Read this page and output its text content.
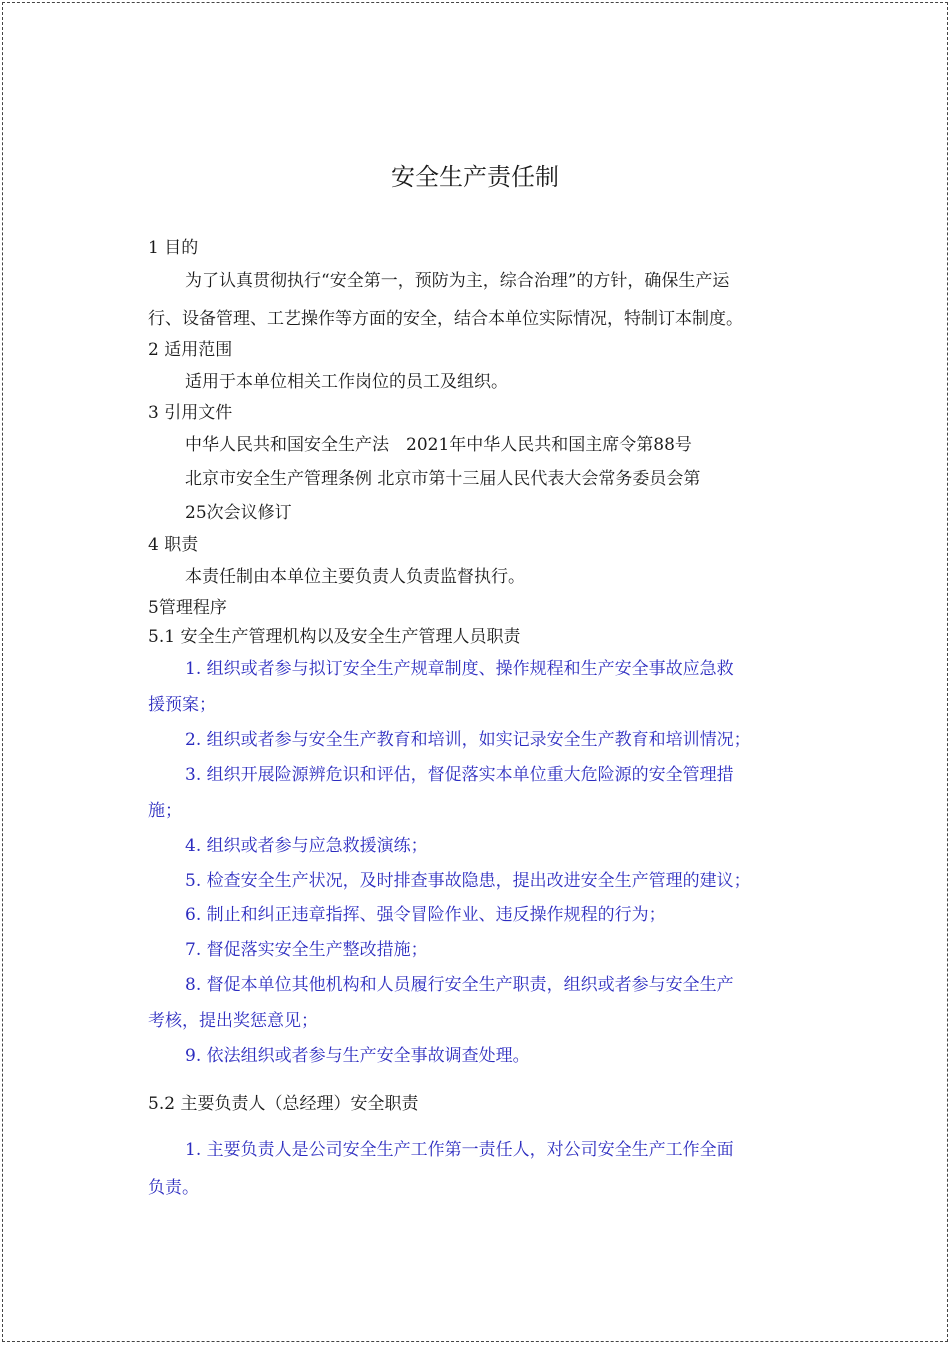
安全生产责任制
1 目的
为了认真贯彻执行“安全第一，预防为主，综合治理”的方针，确保生产运
行、设备管理、工艺操作等方面的安全，结合本单位实际情况，特制订本制度。
2 适用范围
适用于本单位相关工作岗位的员工及组织。
3 引用文件
中华人民共和国安全生产法　2021年中华人民共和国主席令第88号
北京市安全生产管理条例 北京市第十三届人民代表大会常务委员会第
25次会议修订
4 职责
本责任制由本单位主要负责人负责监督执行。
5管理程序
5.1 安全生产管理机构以及安全生产管理人员职责
1. 组织或者参与拟订安全生产规章制度、操作规程和生产安全事故应急救
援预案；
2. 组织或者参与安全生产教育和培训，如实记录安全生产教育和培训情况；
3. 组织开展险源辨危识和评估，督促落实本单位重大危险源的安全管理措
施；
4. 组织或者参与应急救援演练；
5. 检查安全生产状况，及时排查事故隐患，提出改进安全生产管理的建议；
6. 制止和纠正违章指挥、强令冒险作业、违反操作规程的行为；
7. 督促落实安全生产整改措施；
8. 督促本单位其他机构和人员履行安全生产职责，组织或者参与安全生产
考核，提出奖惩意见；
9. 依法组织或者参与生产安全事故调查处理。
5.2 主要负责人（总经理）安全职责
1. 主要负责人是公司安全生产工作第一责任人，对公司安全生产工作全面
负责。
